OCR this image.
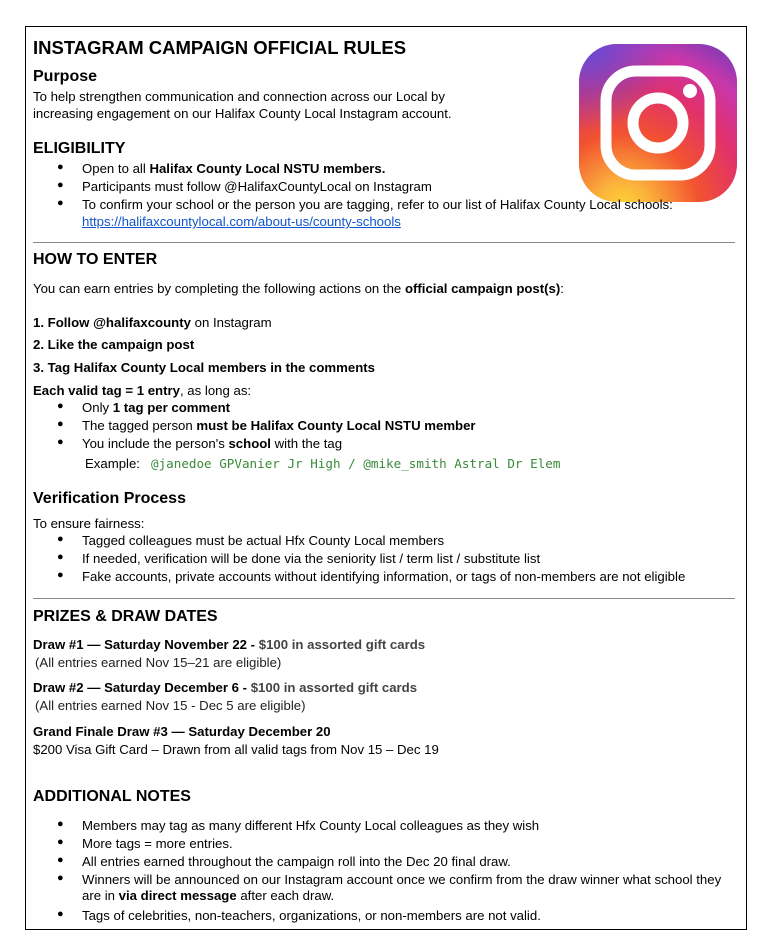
INSTAGRAM CAMPAIGN OFFICIAL RULES
Purpose
To help strengthen communication and connection across our Local by
increasing engagement on our Halifax County Local Instagram account.
ELIGIBILITY
● Open to all Halifax County Local NSTU members.
● Participants must follow @HalifaxCountyLocal on Instagram
● To confirm your school or the person you are tagging, refer to our list of Halifax County Local schools:
https://halifaxcountylocal.com/about-us/county-schools
HOW TO ENTER
You can earn entries by completing the following actions on the official campaign post(s):
1. Follow @halifaxcounty on Instagram
2. Like the campaign post
3. Tag Halifax County Local members in the comments
Each valid tag = 1 entry, as long as:
● Only 1 tag per comment
● The tagged person must be Halifax County Local NSTU member
● You include the person's school with the tag
Example: @janedoe GPVanier Jr High / @mike_smith Astral Dr Elem
Verification Process
To ensure fairness:
● Tagged colleagues must be actual Hfx County Local members
● If needed, verification will be done via the seniority list / term list / substitute list
● Fake accounts, private accounts without identifying information, or tags of non-members are not eligible
PRIZES & DRAW DATES
Draw #1 — Saturday November 22 - $100 in assorted gift cards
(All entries earned Nov 15–21 are eligible)
Draw #2 — Saturday December 6 - $100 in assorted gift cards
(All entries earned Nov 15 - Dec 5 are eligible)
Grand Finale Draw #3 — Saturday December 20
$200 Visa Gift Card – Drawn from all valid tags from Nov 15 – Dec 19
ADDITIONAL NOTES
● Members may tag as many different Hfx County Local colleagues as they wish
● More tags = more entries.
● All entries earned throughout the campaign roll into the Dec 20 final draw.
● Winners will be announced on our Instagram account once we confirm from the draw winner what school they
are in via direct message after each draw.
● Tags of celebrities, non-teachers, organizations, or non-members are not valid.
